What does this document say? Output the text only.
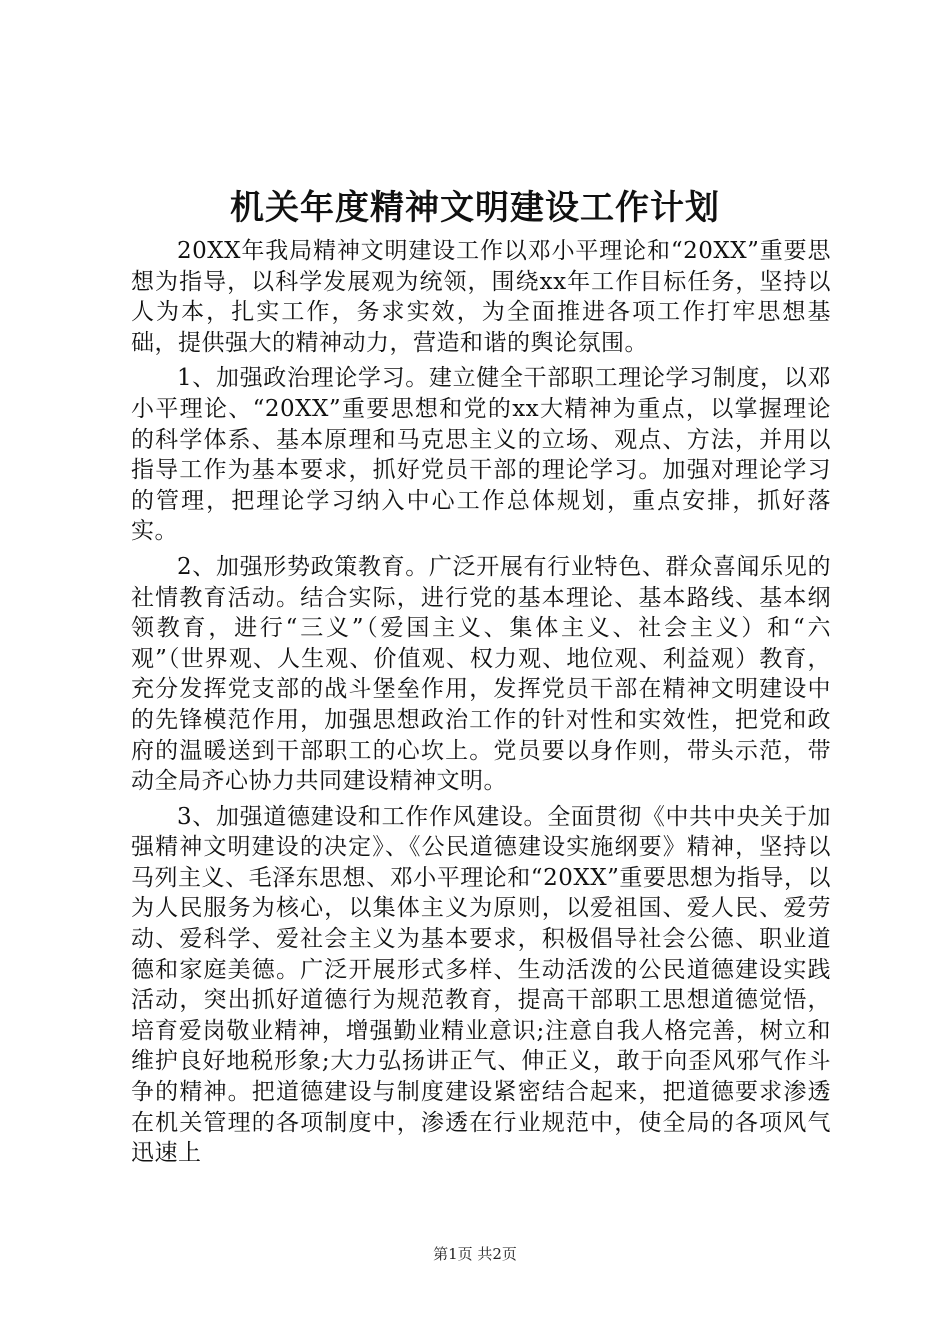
机关年度精神文明建设工作计划

20XX年我局精神文明建设工作以邓小平理论和“20XX”重要思想为指导，以科学发展观为统领，围绕xx年工作目标任务，坚持以人为本，扎实工作，务求实效，为全面推进各项工作打牢思想基础，提供强大的精神动力，营造和谐的舆论氛围。

1、加强政治理论学习。建立健全干部职工理论学习制度，以邓小平理论、“20XX”重要思想和党的xx大精神为重点，以掌握理论的科学体系、基本原理和马克思主义的立场、观点、方法，并用以指导工作为基本要求，抓好党员干部的理论学习。加强对理论学习的管理，把理论学习纳入中心工作总体规划，重点安排，抓好落实。

2、加强形势政策教育。广泛开展有行业特色、群众喜闻乐见的社情教育活动。结合实际，进行党的基本理论、基本路线、基本纲领教育，进行“三义”（爱国主义、集体主义、社会主义）和“六观”（世界观、人生观、价值观、权力观、地位观、利益观）教育，充分发挥党支部的战斗堡垒作用，发挥党员干部在精神文明建设中的先锋模范作用，加强思想政治工作的针对性和实效性，把党和政府的温暖送到干部职工的心坎上。党员要以身作则，带头示范，带动全局齐心协力共同建设精神文明。

3、加强道德建设和工作作风建设。全面贯彻《中共中央关于加强精神文明建设的决定》、《公民道德建设实施纲要》精神，坚持以马列主义、毛泽东思想、邓小平理论和“20XX”重要思想为指导，以为人民服务为核心，以集体主义为原则，以爱祖国、爱人民、爱劳动、爱科学、爱社会主义为基本要求，积极倡导社会公德、职业道德和家庭美德。广泛开展形式多样、生动活泼的公民道德建设实践活动，突出抓好道德行为规范教育，提高干部职工思想道德觉悟，培育爱岗敬业精神，增强勤业精业意识;注意自我人格完善，树立和维护良好地税形象;大力弘扬讲正气、伸正义，敢于向歪风邪气作斗争的精神。把道德建设与制度建设紧密结合起来，把道德要求渗透在机关管理的各项制度中，渗透在行业规范中，使全局的各项风气迅速上

第1页 共2页
